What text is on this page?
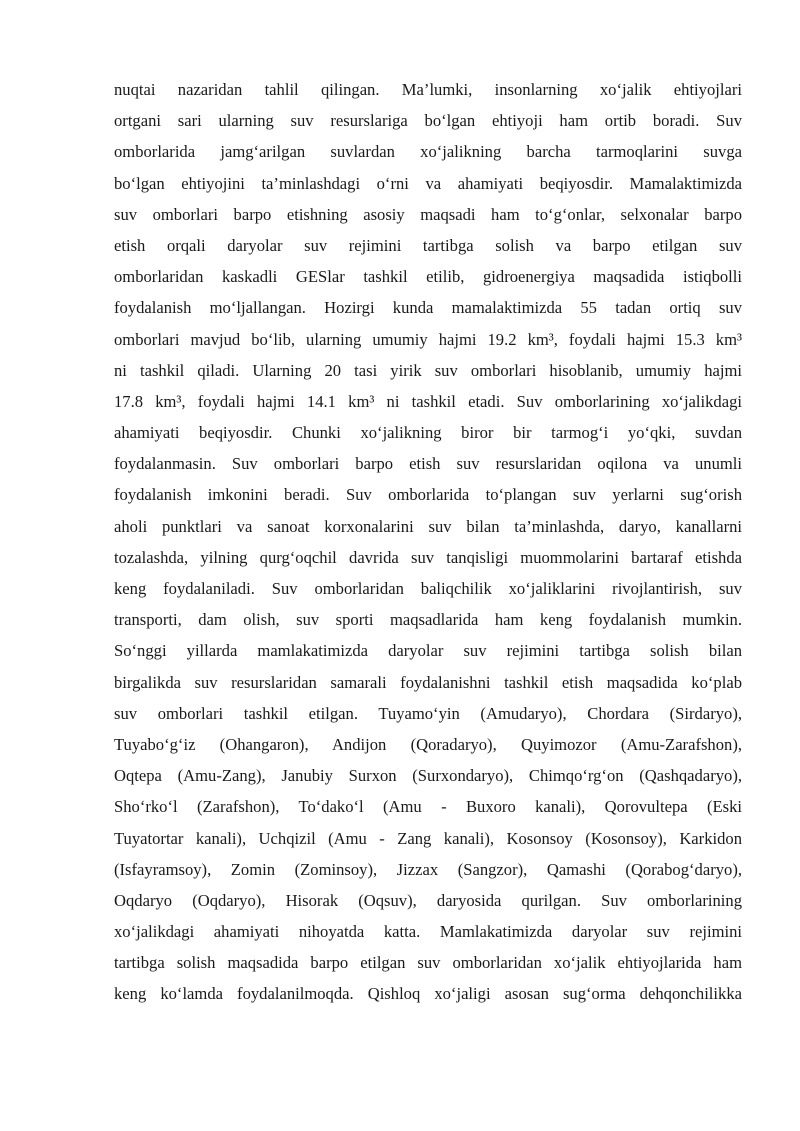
nuqtai nazaridan tahlil qilingan. Ma’lumki, insonlarning xo‘jalik ehtiyojlari
ortgani sari ularning suv resurslariga bo‘lgan ehtiyoji ham ortib boradi. Suv
omborlarida jamg‘arilgan suvlardan xo‘jalikning barcha tarmoqlarini suvga
bo‘lgan ehtiyojini ta’minlashdagi o‘rni va ahamiyati beqiyosdir. Mamalaktimizda
suv omborlari barpo etishning asosiy maqsadi ham to‘g‘onlar, selxonalar barpo
etish orqali daryolar suv rejimini tartibga solish va barpo etilgan suv
omborlaridan kaskadli GESlar tashkil etilib, gidroenergiya maqsadida istiqbolli
foydalanish mo‘ljallangan. Hozirgi kunda mamalaktimizda 55 tadan ortiq suv
omborlari mavjud bo‘lib, ularning umumiy hajmi 19.2 km³, foydali hajmi 15.3 km³
ni tashkil qiladi. Ularning 20 tasi yirik suv omborlari hisoblanib, umumiy hajmi
17.8 km³, foydali hajmi 14.1 km³ ni tashkil etadi. Suv omborlarining xo‘jalikdagi
ahamiyati beqiyosdir. Chunki xo‘jalikning biror bir tarmog‘i yo‘qki, suvdan
foydalanmasin. Suv omborlari barpo etish suv resurslaridan oqilona va unumli
foydalanish imkonini beradi. Suv omborlarida to‘plangan suv yerlarni sug‘orish
aholi punktlari va sanoat korxonalarini suv bilan ta’minlashda, daryo, kanallarni
tozalashda, yilning qurg‘oqchil davrida suv tanqisligi muommolarini bartaraf etishda
keng foydalaniladi. Suv omborlaridan baliqchilik xo‘jaliklarini rivojlantirish, suv
transporti, dam olish, suv sporti maqsadlarida ham keng foydalanish mumkin.
So‘nggi yillarda mamlakatimizda daryolar suv rejimini tartibga solish bilan
birgalikda suv resurslaridan samarali foydalanishni tashkil etish maqsadida ko‘plab
suv omborlari tashkil etilgan. Tuyamo‘yin (Amudaryo), Chordara (Sirdaryo),
Tuyabo‘g‘iz (Ohangaron), Andijon (Qoradaryo), Quyimozor (Amu-Zarafshon),
Oqtepa (Amu-Zang), Janubiy Surxon (Surxondaryo), Chimqo‘rg‘on (Qashqadaryo),
Sho‘rko‘l (Zarafshon), To‘dako‘l (Amu - Buxoro kanali), Qorovultepa (Eski
Tuyatortar kanali), Uchqizil (Amu - Zang kanali), Kosonsoy (Kosonsoy), Karkidon
(Isfayramsoy), Zomin (Zominsoy), Jizzax (Sangzor), Qamashi (Qorabog‘daryo),
Oqdaryo (Oqdaryo), Hisorak (Oqsuv), daryosida qurilgan. Suv omborlarining
xo‘jalikdagi ahamiyati nihoyatda katta. Mamlakatimizda daryolar suv rejimini
tartibga solish maqsadida barpo etilgan suv omborlaridan xo‘jalik ehtiyojlarida ham
keng ko‘lamda foydalanilmoqda. Qishloq xo‘jaligi asosan sug‘orma dehqonchilikka
